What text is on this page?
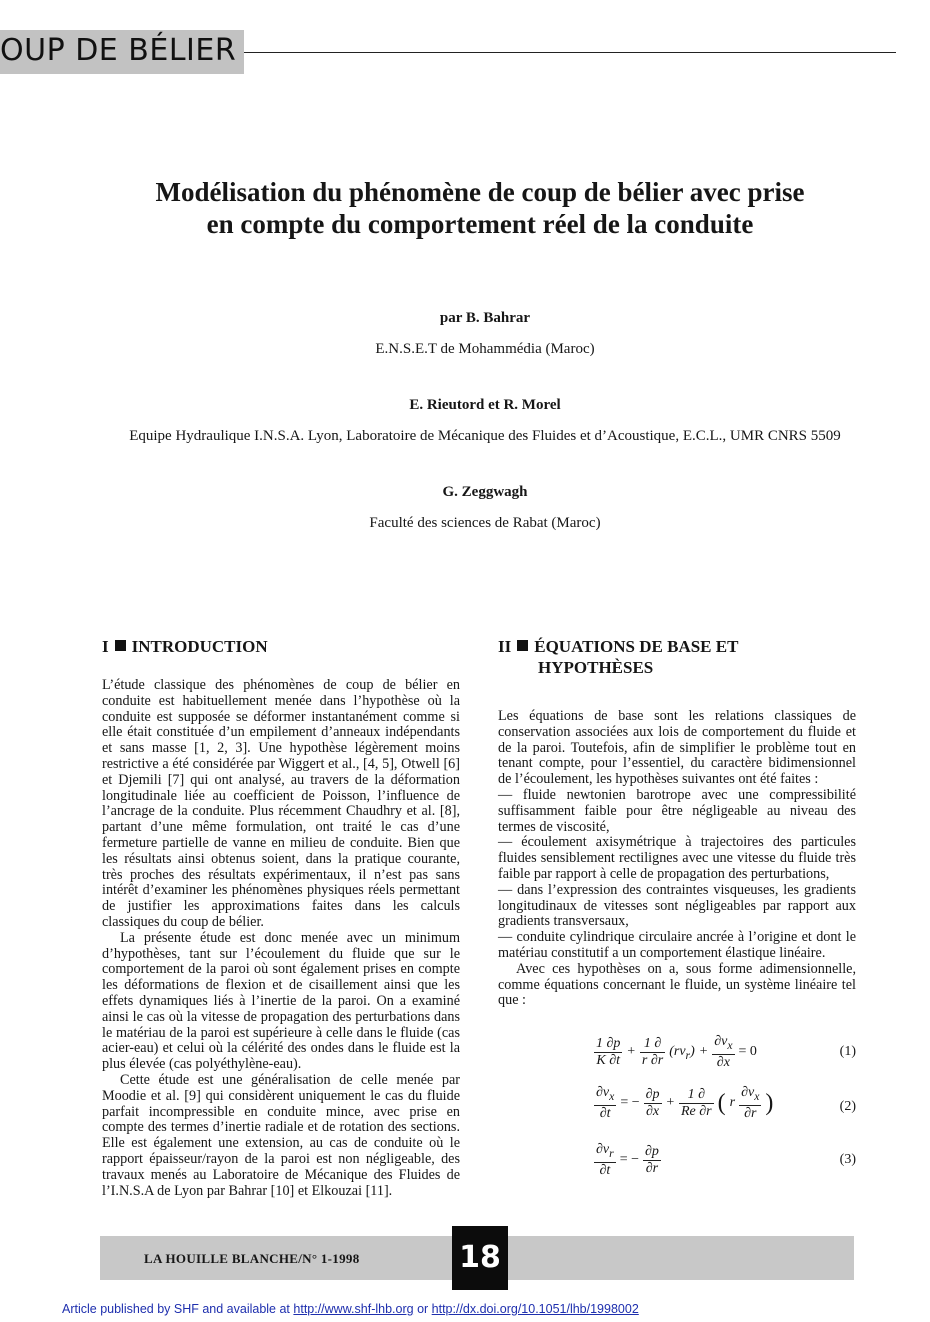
OUP DE BÉLIER
Modélisation du phénomène de coup de bélier avec prise
en compte du comportement réel de la conduite
par B. Bahrar
E.N.S.E.T de Mohammédia (Maroc)
E. Rieutord et R. Morel
Equipe Hydraulique I.N.S.A. Lyon, Laboratoire de Mécanique des Fluides et d’Acoustique, E.C.L., UMR CNRS 5509
G. Zeggwagh
Faculté des sciences de Rabat (Maroc)
I INTRODUCTION

L’étude classique des phénomènes de coup de bélier en conduite est habituellement menée dans l’hypothèse où la conduite est supposée se déformer instantanément comme si elle était constituée d’un empilement d’anneaux indépendants et sans masse [1, 2, 3]. Une hypothèse légèrement moins restrictive a été considérée par Wiggert et al., [4, 5], Otwell [6] et Djemili [7] qui ont analysé, au travers de la déformation longitudinale liée au coefficient de Poisson, l’influence de l’ancrage de la conduite. Plus récemment Chaudhry et al. [8], partant d’une même formulation, ont traité le cas d’une fermeture partielle de vanne en milieu de conduite. Bien que les résultats ainsi obtenus soient, dans la pratique courante, très proches des résultats expérimentaux, il n’est pas sans intérêt d’examiner les phénomènes physiques réels permettant de justifier les approximations faites dans les calculs classiques du coup de bélier.

La présente étude est donc menée avec un minimum d’hypothèses, tant sur l’écoulement du fluide que sur le comportement de la paroi où sont également prises en compte les déformations de flexion et de cisaillement ainsi que les effets dynamiques liés à l’inertie de la paroi. On a examiné ainsi le cas où la vitesse de propagation des perturbations dans le matériau de la paroi est supérieure à celle dans le fluide (cas acier-eau) et celui où la célérité des ondes dans le fluide est la plus élevée (cas polyéthylène-eau).

Cette étude est une généralisation de celle menée par Moodie et al. [9] qui considèrent uniquement le cas du fluide parfait incompressible en conduite mince, avec prise en compte des termes d’inertie radiale et de rotation des sections. Elle est également une extension, au cas de conduite où le rapport épaisseur/rayon de la paroi est non négligeable, des travaux menés au Laboratoire de Mécanique des Fluides de l’I.N.S.A de Lyon par Bahrar [10] et Elkouzai [11].

II ÉQUATIONS DE BASE ET
HYPOTHÈSES

Les équations de base sont les relations classiques de conservation associées aux lois de comportement du fluide et de la paroi. Toutefois, afin de simplifier le problème tout en tenant compte, pour l’essentiel, du caractère bidimensionnel de l’écoulement, les hypothèses suivantes ont été faites :

— fluide newtonien barotrope avec une compressibilité suffisamment faible pour être négligeable au niveau des termes de viscosité,

— écoulement axisymétrique à trajectoires des particules fluides sensiblement rectilignes avec une vitesse du fluide très faible par rapport à celle de propagation des perturbations,

— dans l’expression des contraintes visqueuses, les gradients longitudinaux de vitesses sont négligeables par rapport aux gradients transversaux,

— conduite cylindrique circulaire ancrée à l’origine et dont le matériau constitutif a un comportement élastique linéaire.

Avec ces hypothèses on a, sous forme adimensionnelle, comme équations concernant le fluide, un système linéaire tel que :

$\frac{1 \partial p}{K \partial t} + \frac{1 \partial}{r \partial r} (rv_r) + \frac{\partial v_x}{\partial x} = 0$	(1)
$\frac{\partial v_x}{\partial t}$ = − $\frac{\partial p}{\partial x} + \frac{1 \partial}{Re \partial r}$ ( r $\frac{\partial v_x}{\partial r}$ )	(2)
$\frac{\partial v_r}{\partial t}$ = − $\frac{\partial p}{\partial r}$	(3)
LA HOUILLE BLANCHE/N° 1-1998	18
Article published by SHF and available at http://www.shf-lhb.org or http://dx.doi.org/10.1051/lhb/1998002
